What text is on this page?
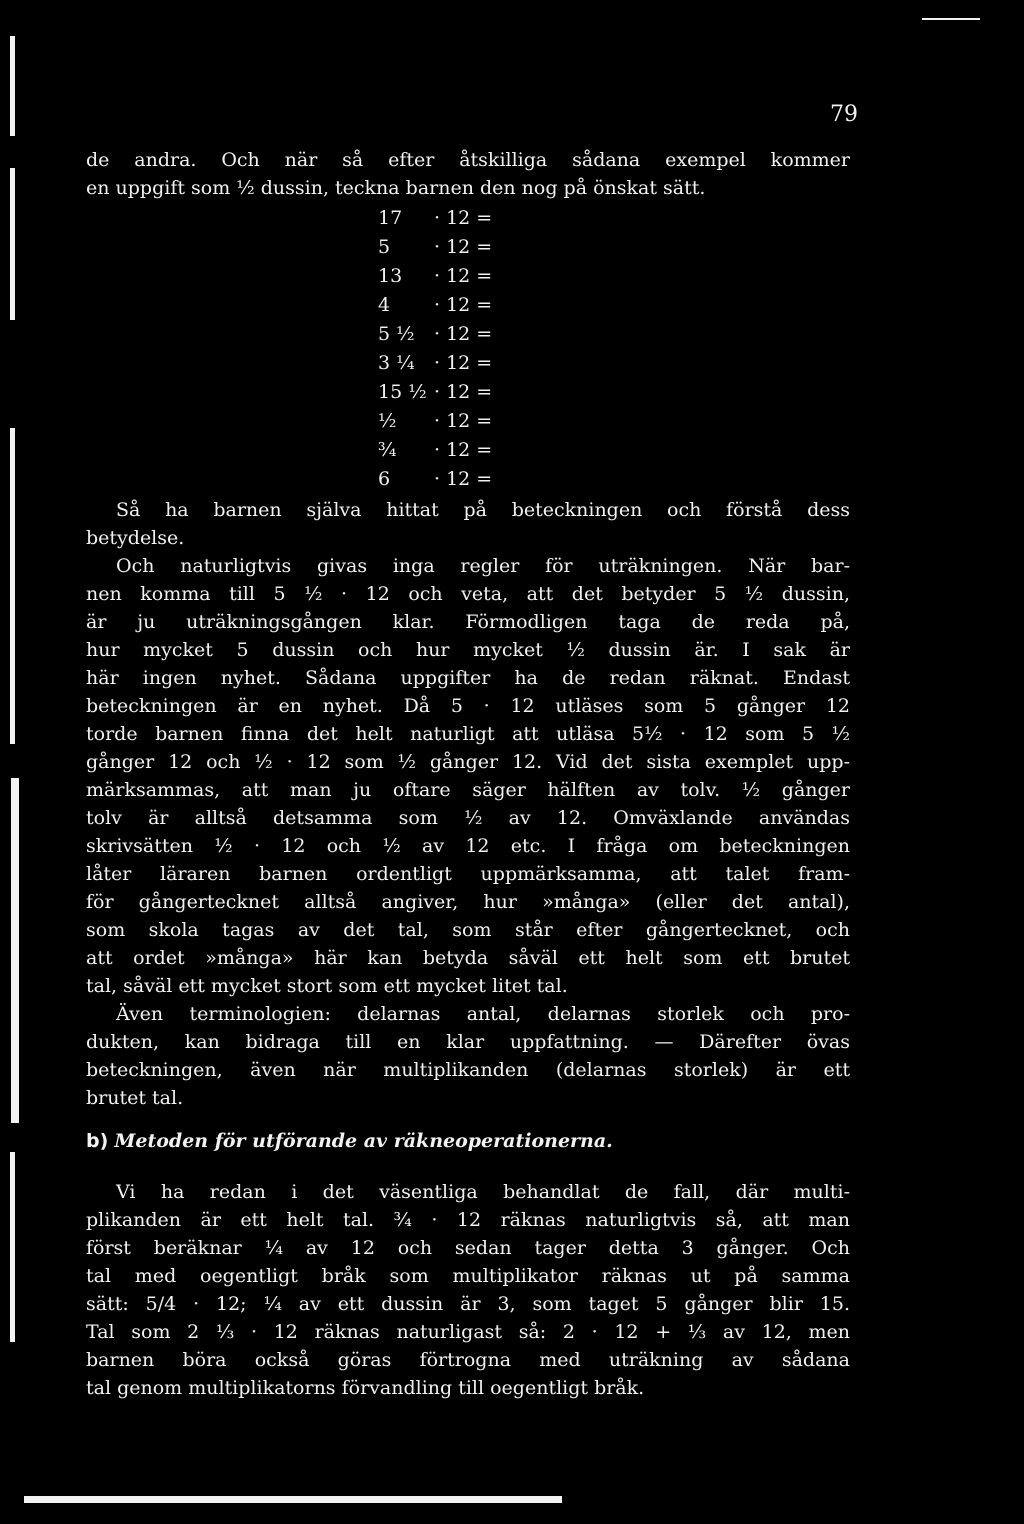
79
de andra. Och när så efter åtskilliga sådana exempel kommer
en uppgift som ½ dussin, teckna barnen den nog på önskat sätt.
17 · 12 =
5 · 12 =
13 · 12 =
4 · 12 =
5 ½ · 12 =
3 ¼ · 12 =
15 ½ · 12 =
½ · 12 =
¾ · 12 =
6 · 12 =
Så ha barnen själva hittat på beteckningen och förstå dess
betydelse.
Och naturligtvis givas inga regler för uträkningen. När bar-
nen komma till 5 ½ · 12 och veta, att det betyder 5 ½ dussin,
är ju uträkningsgången klar. Förmodligen taga de reda på,
hur mycket 5 dussin och hur mycket ½ dussin är. I sak är
här ingen nyhet. Sådana uppgifter ha de redan räknat. Endast
beteckningen är en nyhet. Då 5 · 12 utläses som 5 gånger 12
torde barnen finna det helt naturligt att utläsa 5½ · 12 som 5 ½
gånger 12 och ½ · 12 som ½ gånger 12. Vid det sista exemplet upp-
märksammas, att man ju oftare säger hälften av tolv. ½ gånger
tolv är alltså detsamma som ½ av 12. Omväxlande användas
skrivsätten ½ · 12 och ½ av 12 etc. I fråga om beteckningen
låter läraren barnen ordentligt uppmärksamma, att talet fram-
för gångertecknet alltså angiver, hur »många» (eller det antal),
som skola tagas av det tal, som står efter gångertecknet, och
att ordet »många» här kan betyda såväl ett helt som ett brutet
tal, såväl ett mycket stort som ett mycket litet tal.
Även terminologien: delarnas antal, delarnas storlek och pro-
dukten, kan bidraga till en klar uppfattning. — Därefter övas
beteckningen, även när multiplikanden (delarnas storlek) är ett
brutet tal.
b) Metoden för utförande av räkneoperationerna.
Vi ha redan i det väsentliga behandlat de fall, där multi-
plikanden är ett helt tal. ¾ · 12 räknas naturligtvis så, att man
först beräknar ¼ av 12 och sedan tager detta 3 gånger. Och
tal med oegentligt bråk som multiplikator räknas ut på samma
sätt: 5/4 · 12; ¼ av ett dussin är 3, som taget 5 gånger blir 15.
Tal som 2 ⅓ · 12 räknas naturligast så: 2 · 12 + ⅓ av 12, men
barnen böra också göras förtrogna med uträkning av sådana
tal genom multiplikatorns förvandling till oegentligt bråk.
